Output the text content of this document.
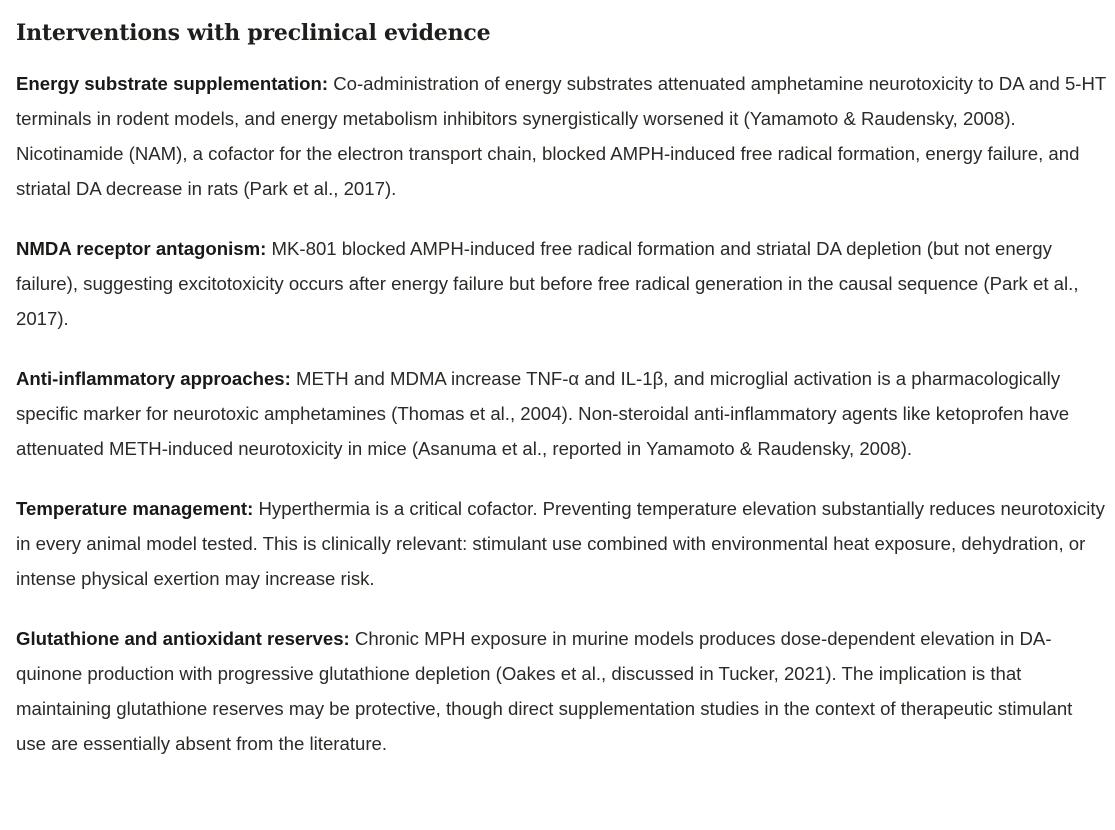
Interventions with preclinical evidence

Energy substrate supplementation: Co-administration of energy substrates attenuated amphetamine neurotoxicity to DA and 5-HT terminals in rodent models, and energy metabolism inhibitors synergistically worsened it (Yamamoto & Raudensky, 2008). Nicotinamide (NAM), a cofactor for the electron transport chain, blocked AMPH-induced free radical formation, energy failure, and striatal DA decrease in rats (Park et al., 2017).

NMDA receptor antagonism: MK-801 blocked AMPH-induced free radical formation and striatal DA depletion (but not energy failure), suggesting excitotoxicity occurs after energy failure but before free radical generation in the causal sequence (Park et al., 2017).

Anti-inflammatory approaches: METH and MDMA increase TNF-α and IL-1β, and microglial activation is a pharmacologically specific marker for neurotoxic amphetamines (Thomas et al., 2004). Non-steroidal anti-inflammatory agents like ketoprofen have attenuated METH-induced neurotoxicity in mice (Asanuma et al., reported in Yamamoto & Raudensky, 2008).

Temperature management: Hyperthermia is a critical cofactor. Preventing temperature elevation substantially reduces neurotoxicity in every animal model tested. This is clinically relevant: stimulant use combined with environmental heat exposure, dehydration, or intense physical exertion may increase risk.

Glutathione and antioxidant reserves: Chronic MPH exposure in murine models produces dose-dependent elevation in DA-quinone production with progressive glutathione depletion (Oakes et al., discussed in Tucker, 2021). The implication is that maintaining glutathione reserves may be protective, though direct supplementation studies in the context of therapeutic stimulant use are essentially absent from the literature.
